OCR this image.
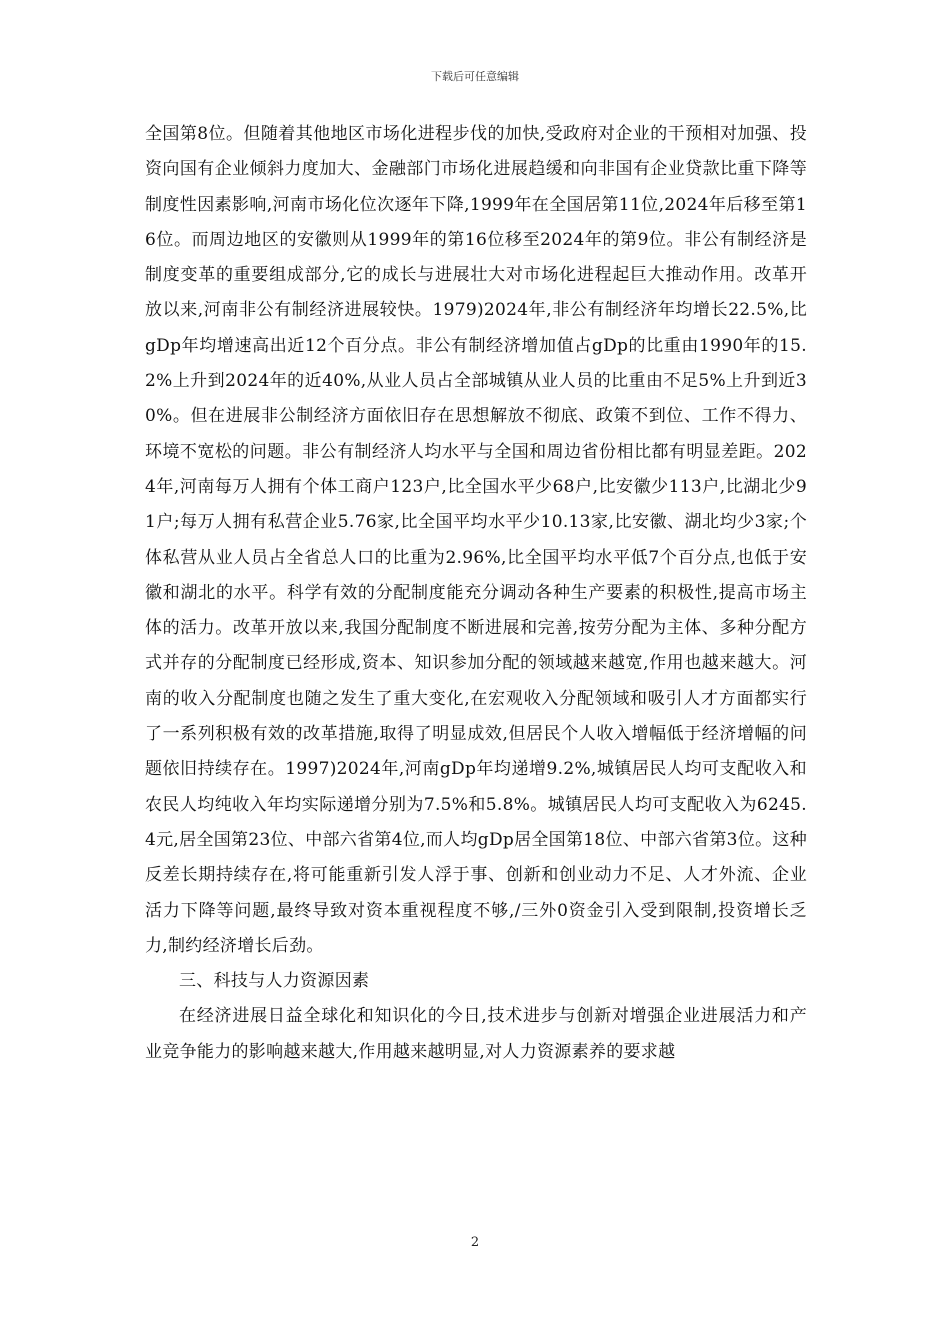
下载后可任意编辑

全国第8位。但随着其他地区市场化进程步伐的加快,受政府对企业的干预相对加强、投资向国有企业倾斜力度加大、金融部门市场化进展趋缓和向非国有企业贷款比重下降等制度性因素影响,河南市场化位次逐年下降,1999年在全国居第11位,2024年后移至第16位。而周边地区的安徽则从1999年的第16位移至2024年的第9位。非公有制经济是制度变革的重要组成部分,它的成长与进展壮大对市场化进程起巨大推动作用。改革开放以来,河南非公有制经济进展较快。1979)2024年,非公有制经济年均增长22.5%,比gDp年均增速高出近12个百分点。非公有制经济增加值占gDp的比重由1990年的15.2%上升到2024年的近40%,从业人员占全部城镇从业人员的比重由不足5%上升到近30%。但在进展非公制经济方面依旧存在思想解放不彻底、政策不到位、工作不得力、环境不宽松的问题。非公有制经济人均水平与全国和周边省份相比都有明显差距。2024年,河南每万人拥有个体工商户123户,比全国水平少68户,比安徽少113户,比湖北少91户;每万人拥有私营企业5.76家,比全国平均水平少10.13家,比安徽、湖北均少3家;个体私营从业人员占全省总人口的比重为2.96%,比全国平均水平低7个百分点,也低于安徽和湖北的水平。科学有效的分配制度能充分调动各种生产要素的积极性,提高市场主体的活力。改革开放以来,我国分配制度不断进展和完善,按劳分配为主体、多种分配方式并存的分配制度已经形成,资本、知识参加分配的领域越来越宽,作用也越来越大。河南的收入分配制度也随之发生了重大变化,在宏观收入分配领域和吸引人才方面都实行了一系列积极有效的改革措施,取得了明显成效,但居民个人收入增幅低于经济增幅的问题依旧持续存在。1997)2024年,河南gDp年均递增9.2%,城镇居民人均可支配收入和农民人均纯收入年均实际递增分别为7.5%和5.8%。城镇居民人均可支配收入为6245.4元,居全国第23位、中部六省第4位,而人均gDp居全国第18位、中部六省第3位。这种反差长期持续存在,将可能重新引发人浮于事、创新和创业动力不足、人才外流、企业活力下降等问题,最终导致对资本重视程度不够,/三外0资金引入受到限制,投资增长乏力,制约经济增长后劲。

三、科技与人力资源因素

在经济进展日益全球化和知识化的今日,技术进步与创新对增强企业进展活力和产业竞争能力的影响越来越大,作用越来越明显,对人力资源素养的要求越

2
